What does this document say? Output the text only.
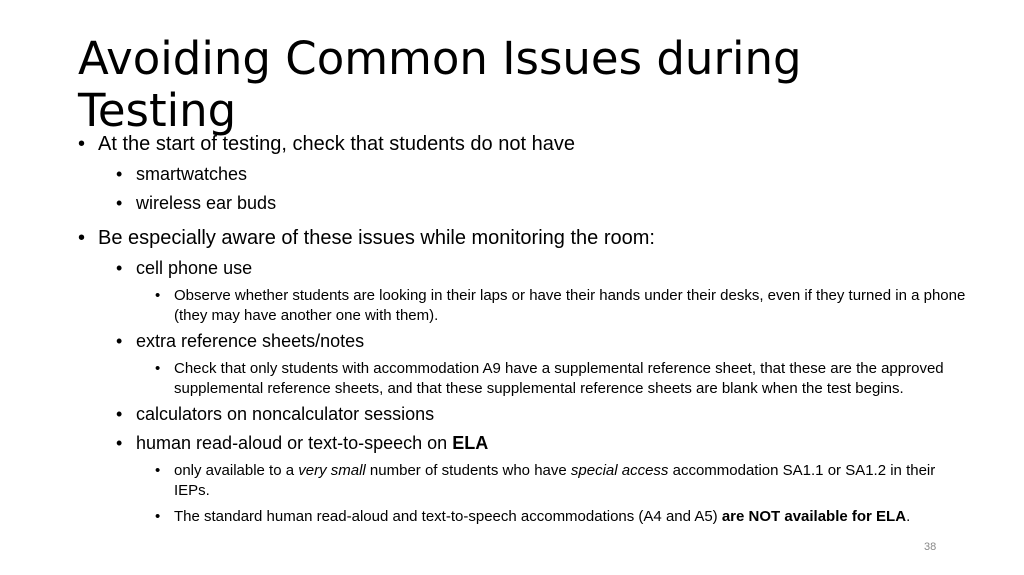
Avoiding Common Issues during Testing
• At the start of testing, check that students do not have
• smartwatches
• wireless ear buds
• Be especially aware of these issues while monitoring the room:
• cell phone use
• Observe whether students are looking in their laps or have their hands under their desks, even if they turned in a phone (they may have another one with them).
• extra reference sheets/notes
• Check that only students with accommodation A9 have a supplemental reference sheet, that these are the approved supplemental reference sheets, and that these supplemental reference sheets are blank when the test begins.
• calculators on noncalculator sessions
• human read-aloud or text-to-speech on ELA
• only available to a very small number of students who have special access accommodation SA1.1 or SA1.2 in their IEPs.
• The standard human read-aloud and text-to-speech accommodations (A4 and A5) are NOT available for ELA.
38
